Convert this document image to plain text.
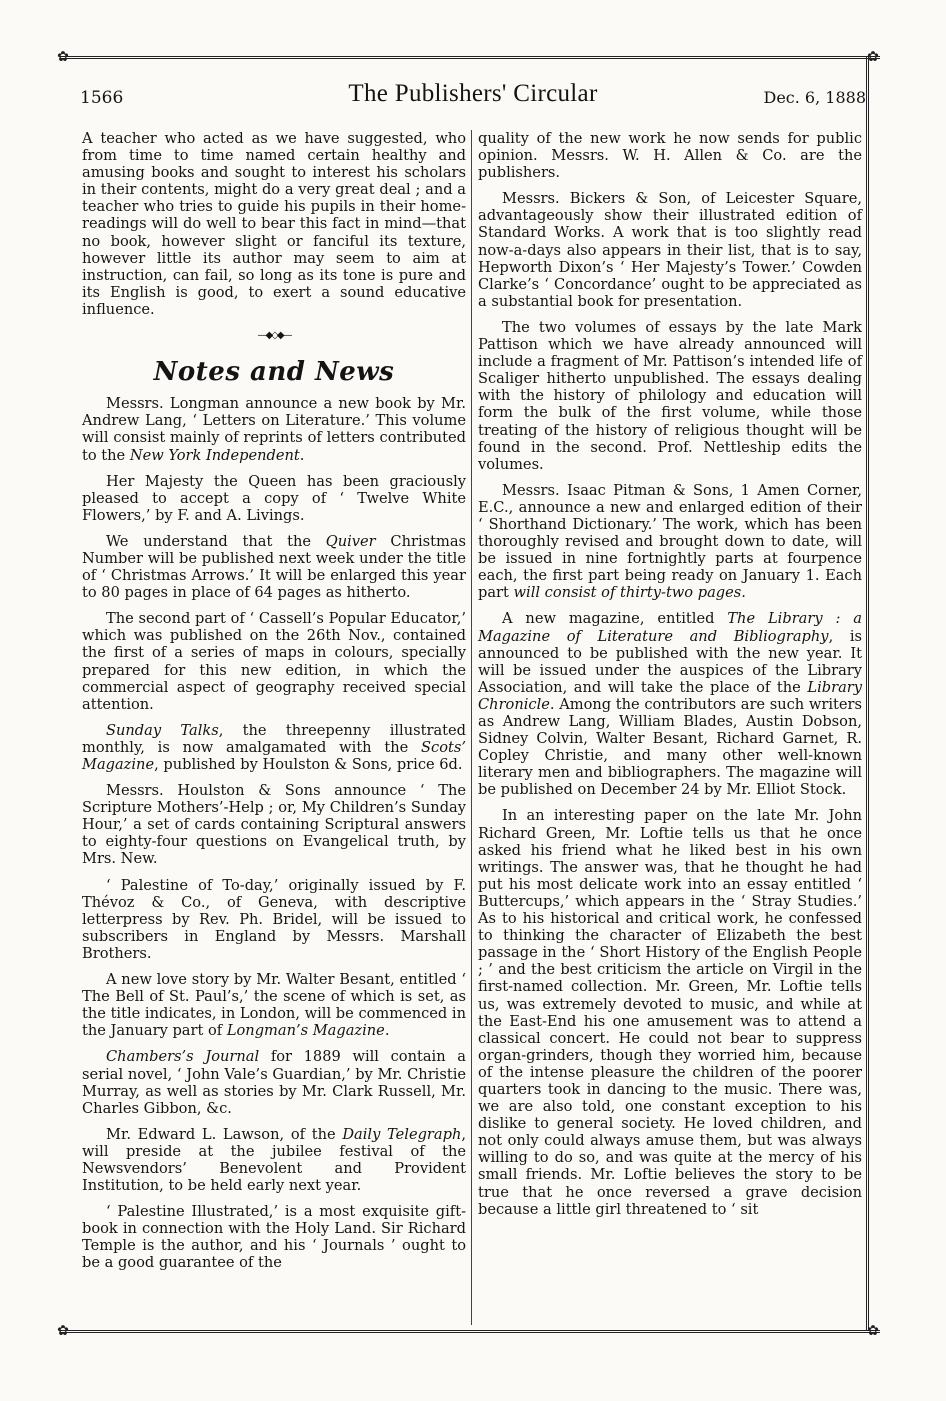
✿	✿
✿	✿
1566	The Publishers' Circular	Dec. 6, 1888

A teacher who acted as we have suggested, who from time to time named certain healthy and amusing books and sought to interest his scholars in their contents, might do a very great deal ; and a teacher who tries to guide his pupils in their home-readings will do well to bear this fact in mind—that no book, however slight or fanciful its texture, however little its author may seem to aim at instruction, can fail, so long as its tone is pure and its English is good, to exert a sound educative influence.

—◆◇◆—
Notes and News

Messrs. Longman announce a new book by Mr. Andrew Lang, ‘ Letters on Literature.’ This volume will consist mainly of reprints of letters contributed to the New York Independent.

Her Majesty the Queen has been graciously pleased to accept a copy of ‘ Twelve White Flowers,’ by F. and A. Livings.

We understand that the Quiver Christmas Number will be published next week under the title of ‘ Christmas Arrows.’ It will be enlarged this year to 80 pages in place of 64 pages as hitherto.

The second part of ‘ Cassell’s Popular Educator,’ which was published on the 26th Nov., contained the first of a series of maps in colours, specially prepared for this new edition, in which the commercial aspect of geography received special attention.

Sunday Talks, the threepenny illustrated monthly, is now amalgamated with the Scots’ Magazine, published by Houlston & Sons, price 6d.

Messrs. Houlston & Sons announce ‘ The Scripture Mothers’-Help ; or, My Children’s Sunday Hour,’ a set of cards containing Scriptural answers to eighty-four questions on Evangelical truth, by Mrs. New.

‘ Palestine of To-day,’ originally issued by F. Thévoz & Co., of Geneva, with descriptive letterpress by Rev. Ph. Bridel, will be issued to subscribers in England by Messrs. Marshall Brothers.

A new love story by Mr. Walter Besant, entitled ‘ The Bell of St. Paul’s,’ the scene of which is set, as the title indicates, in London, will be commenced in the January part of Longman’s Magazine.

Chambers’s Journal for 1889 will contain a serial novel, ‘ John Vale’s Guardian,’ by Mr. Christie Murray, as well as stories by Mr. Clark Russell, Mr. Charles Gibbon, &c.

Mr. Edward L. Lawson, of the Daily Telegraph, will preside at the jubilee festival of the Newsvendors’ Benevolent and Provident Institution, to be held early next year.

‘ Palestine Illustrated,’ is a most exquisite gift-book in connection with the Holy Land. Sir Richard Temple is the author, and his ‘ Journals ’ ought to be a good guarantee of the

quality of the new work he now sends for public opinion. Messrs. W. H. Allen & Co. are the publishers.

Messrs. Bickers & Son, of Leicester Square, advantageously show their illustrated edition of Standard Works. A work that is too slightly read now-a-days also appears in their list, that is to say, Hepworth Dixon’s ‘ Her Majesty’s Tower.’ Cowden Clarke’s ‘ Concordance’ ought to be appreciated as a substantial book for presentation.

The two volumes of essays by the late Mark Pattison which we have already announced will include a fragment of Mr. Pattison’s intended life of Scaliger hitherto unpublished. The essays dealing with the history of philology and education will form the bulk of the first volume, while those treating of the history of religious thought will be found in the second. Prof. Nettleship edits the volumes.

Messrs. Isaac Pitman & Sons, 1 Amen Corner, E.C., announce a new and enlarged edition of their ‘ Shorthand Dictionary.’ The work, which has been thoroughly revised and brought down to date, will be issued in nine fortnightly parts at fourpence each, the first part being ready on January 1. Each part will consist of thirty-two pages.

A new magazine, entitled The Library : a Magazine of Literature and Bibliography, is announced to be published with the new year. It will be issued under the auspices of the Library Association, and will take the place of the Library Chronicle. Among the contributors are such writers as Andrew Lang, William Blades, Austin Dobson, Sidney Colvin, Walter Besant, Richard Garnet, R. Copley Christie, and many other well-known literary men and bibliographers. The magazine will be published on December 24 by Mr. Elliot Stock.

In an interesting paper on the late Mr. John Richard Green, Mr. Loftie tells us that he once asked his friend what he liked best in his own writings. The answer was, that he thought he had put his most delicate work into an essay entitled ‘ Buttercups,’ which appears in the ‘ Stray Studies.’ As to his historical and critical work, he confessed to thinking the character of Elizabeth the best passage in the ‘ Short History of the English People ; ’ and the best criticism the article on Virgil in the first-named collection. Mr. Green, Mr. Loftie tells us, was extremely devoted to music, and while at the East-End his one amusement was to attend a classical concert. He could not bear to suppress organ-grinders, though they worried him, because of the intense pleasure the children of the poorer quarters took in dancing to the music. There was, we are also told, one constant exception to his dislike to general society. He loved children, and not only could always amuse them, but was always willing to do so, and was quite at the mercy of his small friends. Mr. Loftie believes the story to be true that he once reversed a grave decision because a little girl threatened to ‘ sit
